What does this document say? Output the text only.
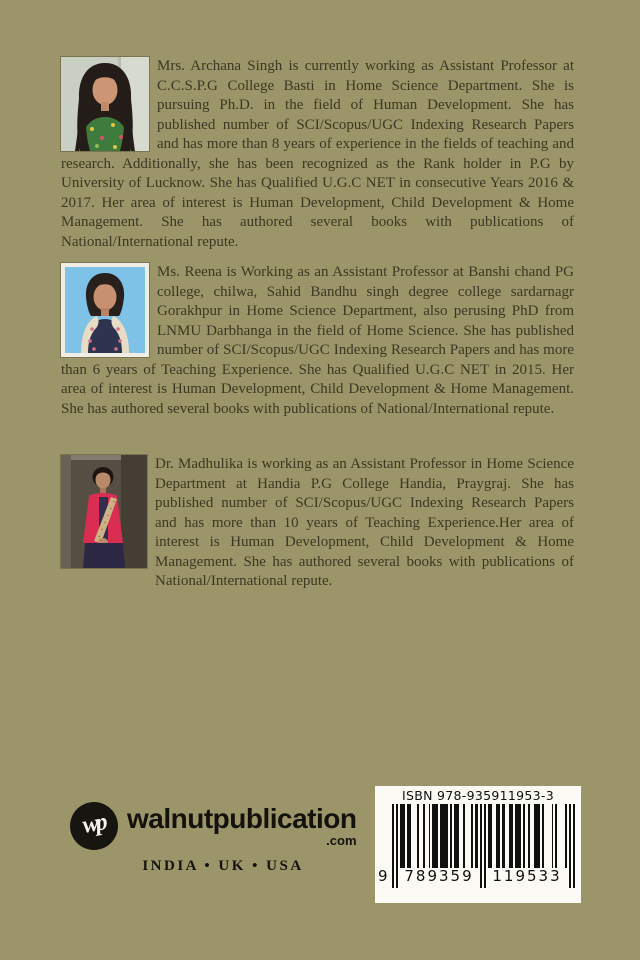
Mrs. Archana Singh is currently working as Assistant Professor at C.C.S.P.G College Basti in Home Science Department. She is pursuing Ph.D. in the field of Human Development. She has published number of SCI/Scopus/UGC Indexing Research Papers and has more than 8 years of experience in the fields of teaching and research. Additionally, she has been recognized as the Rank holder in P.G by University of Lucknow. She has Qualified U.G.C NET in consecutive Years 2016 & 2017. Her area of interest is Human Development, Child Development & Home Management. She has authored several books with publications of National/International repute.
Ms. Reena is Working as an Assistant Professor at Banshi chand PG college, chilwa, Sahid Bandhu singh degree college sardarnagr Gorakhpur in Home Science Department, also perusing PhD from LNMU Darbhanga in the field of Home Science. She has published number of SCI/Scopus/UGC Indexing Research Papers and has more than 6 years of Teaching Experience. She has Qualified U.G.C NET in 2015. Her area of interest is Human Development, Child Development & Home Management. She has authored several books with publications of National/International repute.
Dr. Madhulika is working as an Assistant Professor in Home Science Department at Handia P.G College Handia, Praygraj. She has published number of SCI/Scopus/UGC Indexing Research Papers and has more than 10 years of Teaching Experience.Her area of interest is Human Development, Child Development & Home Management. She has authored several books with publications of National/International repute.
wp walnutpublication
.com
INDIA • UK • USA
ISBN 978-935911953-3
9 789359 119533
